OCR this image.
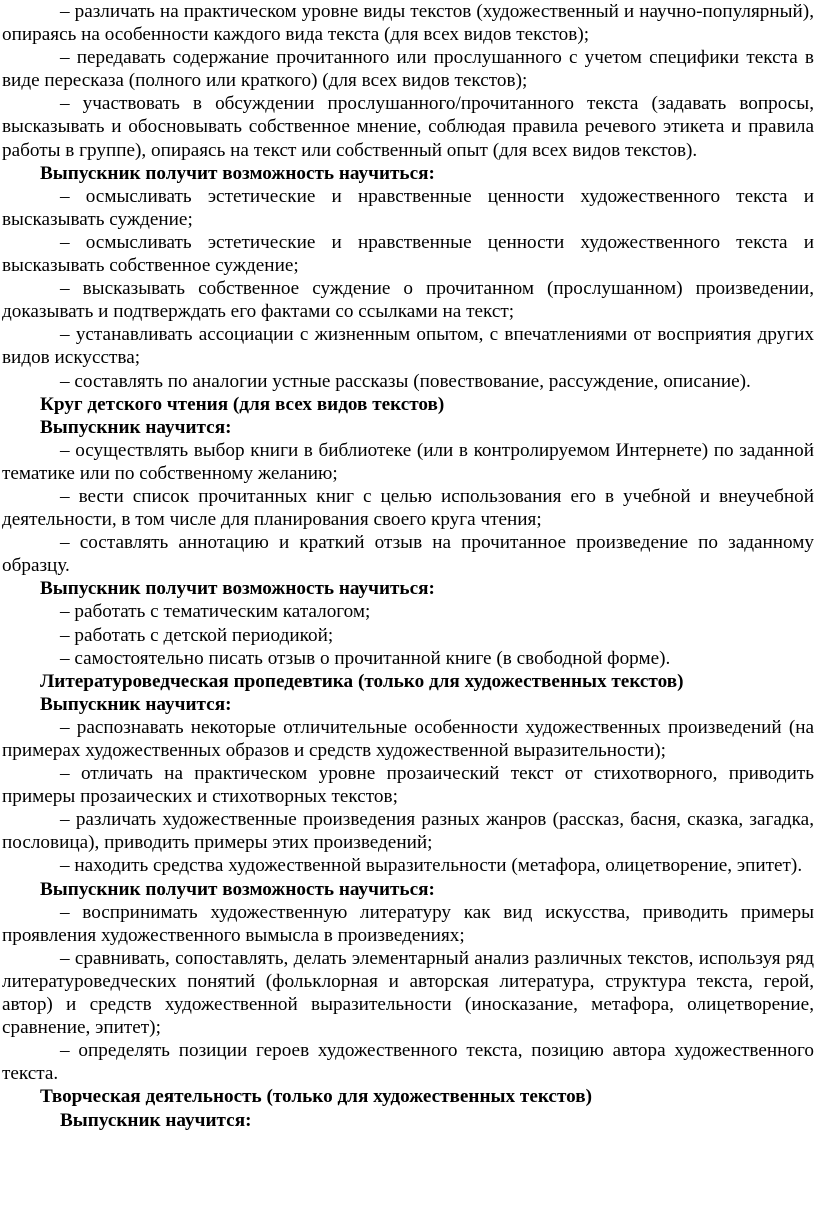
– различать на практическом уровне виды текстов (художественный и научно-популярный), опираясь на особенности каждого вида текста (для всех видов текстов);

– передавать содержание прочитанного или прослушанного с учетом специфики текста в виде пересказа (полного или краткого) (для всех видов текстов);

– участвовать в обсуждении прослушанного/прочитанного текста (задавать вопросы, высказывать и обосновывать собственное мнение, соблюдая правила речевого этикета и правила работы в группе), опираясь на текст или собственный опыт (для всех видов текстов).

Выпускник получит возможность научиться:

– осмысливать эстетические и нравственные ценности художественного текста и высказывать суждение;

– осмысливать эстетические и нравственные ценности художественного текста и высказывать собственное суждение;

– высказывать собственное суждение о прочитанном (прослушанном) произведении, доказывать и подтверждать его фактами со ссылками на текст;

– устанавливать ассоциации с жизненным опытом, с впечатлениями от восприятия других видов искусства;

– составлять по аналогии устные рассказы (повествование, рассуждение, описание).

Круг детского чтения (для всех видов текстов)

Выпускник научится:

– осуществлять выбор книги в библиотеке (или в контролируемом Интернете) по заданной тематике или по собственному желанию;

– вести список прочитанных книг с целью использования его в учебной и внеучебной деятельности, в том числе для планирования своего круга чтения;

– составлять аннотацию и краткий отзыв на прочитанное произведение по заданному образцу.

Выпускник получит возможность научиться:

– работать с тематическим каталогом;

– работать с детской периодикой;

– самостоятельно писать отзыв о прочитанной книге (в свободной форме).

Литературоведческая пропедевтика (только для художественных текстов)

Выпускник научится:

– распознавать некоторые отличительные особенности художественных произведений (на примерах художественных образов и средств художественной выразительности);

– отличать на практическом уровне прозаический текст от стихотворного, приводить примеры прозаических и стихотворных текстов;

– различать художественные произведения разных жанров (рассказ, басня, сказка, загадка, пословица), приводить примеры этих произведений;

– находить средства художественной выразительности (метафора, олицетворение, эпитет).

Выпускник получит возможность научиться:

– воспринимать художественную литературу как вид искусства, приводить примеры проявления художественного вымысла в произведениях;

– сравнивать, сопоставлять, делать элементарный анализ различных текстов, используя ряд литературоведческих понятий (фольклорная и авторская литература, структура текста, герой, автор) и средств художественной выразительности (иносказание, метафора, олицетворение, сравнение, эпитет);

– определять позиции героев художественного текста, позицию автора художественного текста.

Творческая деятельность (только для художественных текстов)

Выпускник научится:
